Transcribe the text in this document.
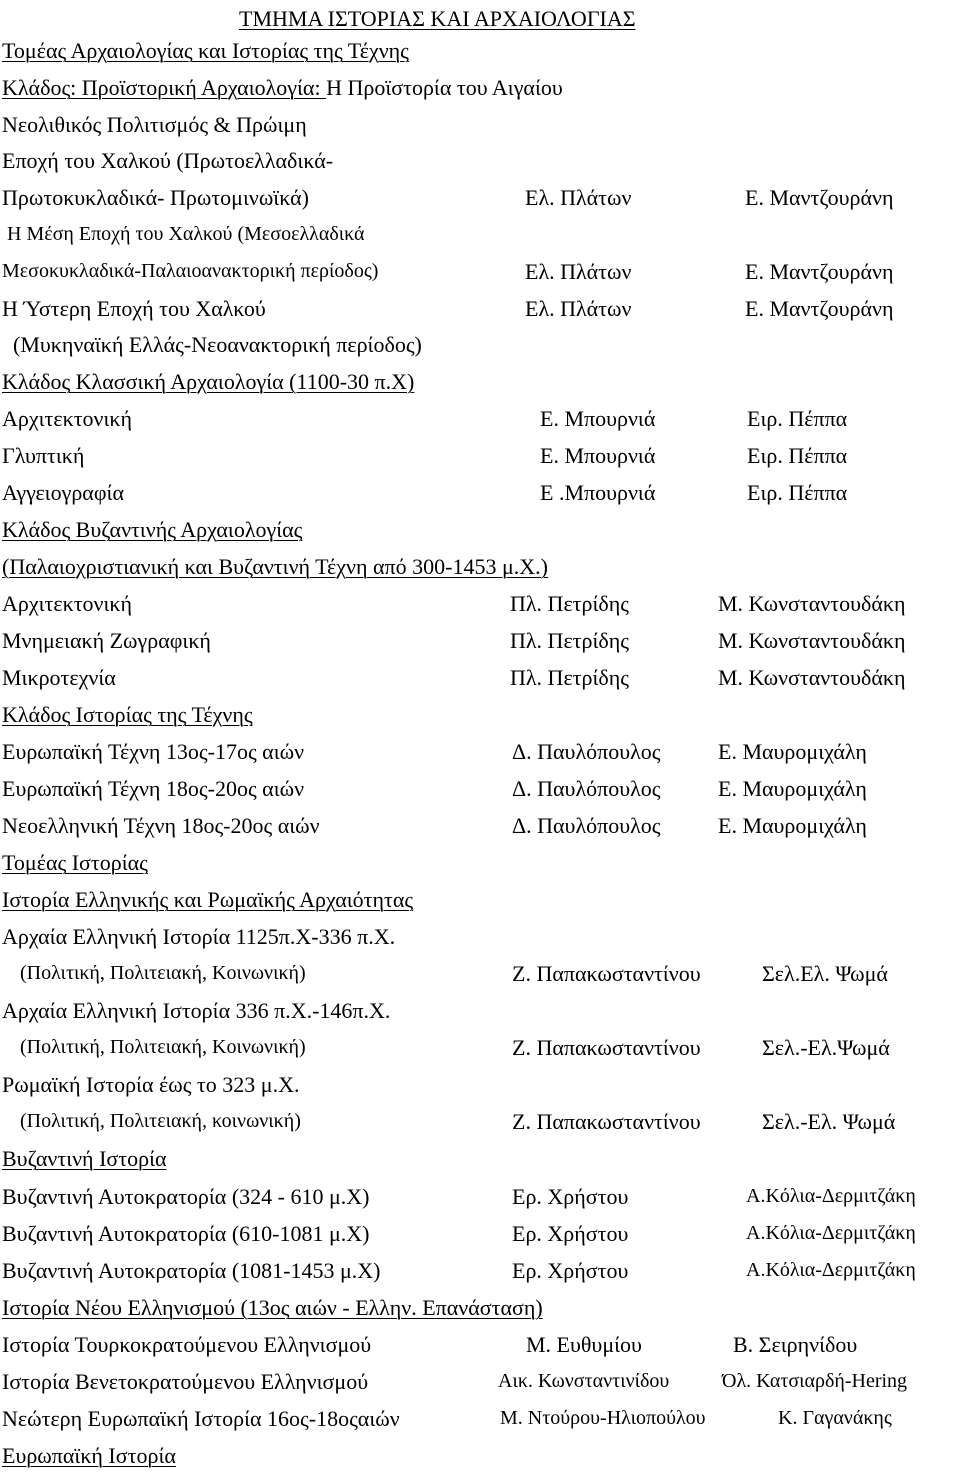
ΤΜΗΜΑ ΙΣΤΟΡΙΑΣ ΚΑΙ ΑΡΧΑΙΟΛΟΓΙΑΣ
Τομέας Αρχαιολογίας και Ιστορίας της Τέχνης
Κλάδος: Προϊστορική Αρχαιολογία: Η Προϊστορία του Αιγαίου
Νεολιθικός Πολιτισμός & Πρώιμη
Εποχή του Χαλκού (Πρωτοελλαδικά-
Πρωτοκυκλαδικά- Πρωτομινωϊκά)	Ελ. Πλάτων	Ε. Μαντζουράνη
Η Μέση Εποχή του Χαλκού (Μεσοελλαδικά
Μεσοκυκλαδικά-Παλαιοανακτορική περίοδος)	Ελ. Πλάτων	Ε. Μαντζουράνη
Η Ύστερη Εποχή του Χαλκού	Ελ. Πλάτων	Ε. Μαντζουράνη
(Μυκηναϊκή Ελλάς-Νεοανακτορική περίοδος)
Κλάδος Κλασσική Αρχαιολογία (1100-30 π.Χ)
Αρχιτεκτονική	Ε. Μπουρνιά	Ειρ. Πέππα
Γλυπτική	Ε. Μπουρνιά	Ειρ. Πέππα
Αγγειογραφία	Ε .Μπουρνιά	Ειρ. Πέππα
Κλάδος Βυζαντινής Αρχαιολογίας
(Παλαιοχριστιανική και Βυζαντινή Τέχνη από 300-1453 μ.Χ.)
Αρχιτεκτονική	Πλ. Πετρίδης	Μ. Κωνσταντουδάκη
Μνημειακή Ζωγραφική	Πλ. Πετρίδης	Μ. Κωνσταντουδάκη
Μικροτεχνία	Πλ. Πετρίδης	Μ. Κωνσταντουδάκη
Κλάδος Ιστορίας της Τέχνης
Ευρωπαϊκή Τέχνη 13ος-17ος αιών	Δ. Παυλόπουλος	Ε. Μαυρομιχάλη
Ευρωπαϊκή Τέχνη 18ος-20ος αιών	Δ. Παυλόπουλος	Ε. Μαυρομιχάλη
Νεοελληνική Τέχνη 18ος-20ος αιών	Δ. Παυλόπουλος	Ε. Μαυρομιχάλη
Τομέας Ιστορίας
Ιστορία Ελληνικής και Ρωμαϊκής Αρχαιότητας
Αρχαία Ελληνική Ιστορία 1125π.Χ-336 π.Χ.
(Πολιτική, Πολιτειακή, Κοινωνική)	Ζ. Παπακωσταντίνου	Σελ.Ελ. Ψωμά
Αρχαία Ελληνική Ιστορία 336 π.Χ.-146π.Χ.
(Πολιτική, Πολιτειακή, Κοινωνική)	Ζ. Παπακωσταντίνου	Σελ.-Ελ.Ψωμά
Ρωμαϊκή Ιστορία έως το 323 μ.Χ.
(Πολιτική, Πολιτειακή, κοινωνική)	Ζ. Παπακωσταντίνου	Σελ.-Ελ. Ψωμά
Βυζαντινή Ιστορία
Βυζαντινή Αυτοκρατορία (324 - 610 μ.Χ)	Ερ. Χρήστου	Α.Κόλια-Δερμιτζάκη
Βυζαντινή Αυτοκρατορία (610-1081 μ.Χ)	Ερ. Χρήστου	Α.Κόλια-Δερμιτζάκη
Βυζαντινή Αυτοκρατορία (1081-1453 μ.Χ)	Ερ. Χρήστου	Α.Κόλια-Δερμιτζάκη
Ιστορία Νέου Ελληνισμού (13ος αιών - Ελλην. Επανάσταση)
Ιστορία Τουρκοκρατούμενου Ελληνισμού	Μ. Ευθυμίου	Β. Σειρηνίδου
Ιστορία Βενετοκρατούμενου Ελληνισμού	Αικ. Κωνσταντινίδου	Όλ. Κατσιαρδή-Hering
Νεώτερη Ευρωπαϊκή Ιστορία 16ος-18οςαιών	Μ. Ντούρου-Ηλιοπούλου	Κ. Γαγανάκης
Ευρωπαϊκή Ιστορία
